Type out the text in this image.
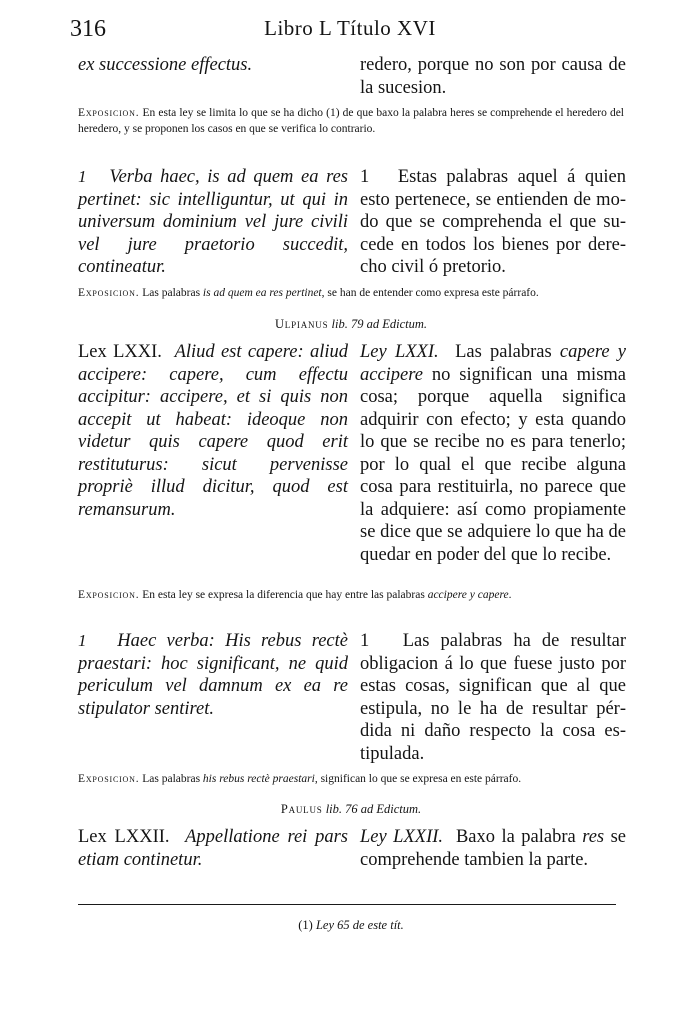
316	Libro L Título XVI
ex successione effectus.	redero, porque no son por causa de la sucesion.
Exposicion. En esta ley se limita lo que se ha dicho (1) de que baxo la palabra heres se comprehende el heredero del heredero, y se proponen los casos en que se verifica lo contrario.
1 Verba haec, is ad quem ea res pertinet: sic intelliguntur, ut qui in universum dominium vel jure civili vel jure praetorio succedit, contineatur.
1 Estas palabras aquel á quien esto pertenece, se entienden de modo que se comprehenda el que sucede en todos los bienes por derecho civil ó pretorio.
Exposicion. Las palabras is ad quem ea res pertinet, se han de entender como expresa este párrafo.
Ulpianus lib. 79 ad Edictum.
Lex LXXI. Aliud est capere: aliud accipere: capere, cum effectu accipitur: accipere, et si quis non accepit ut habeat: ideoque non videtur quis capere quod erit restituturus: sicut pervenisse propriè illud dicitur, quod est remansurum.
Ley LXXI. Las palabras capere y accipere no significan una misma cosa; porque aquella significa adquirir con efecto; y esta quando lo que se recibe no es para tenerlo; por lo qual el que recibe alguna cosa para restituirla, no parece que la adquiere: así como propiamente se dice que se adquiere lo que ha de quedar en poder del que lo recibe.
Exposicion. En esta ley se expresa la diferencia que hay entre las palabras accipere y capere.
1 Haec verba: His rebus rectè praestari: hoc significant, ne quid periculum vel damnum ex ea re stipulator sentiret.
1 Las palabras ha de resultar obligacion á lo que fuese justo por estas cosas, significan que al que estipula, no le ha de resultar pérdida ni daño respecto la cosa estipulada.
Exposicion. Las palabras his rebus rectè praestari, significan lo que se expresa en este párrafo.
Paulus lib. 76 ad Edictum.
Lex LXXII. Appellatione rei pars etiam continetur.
Ley LXXII. Baxo la palabra res se comprehende tambien la parte.
(1) Ley 65 de este tít.
